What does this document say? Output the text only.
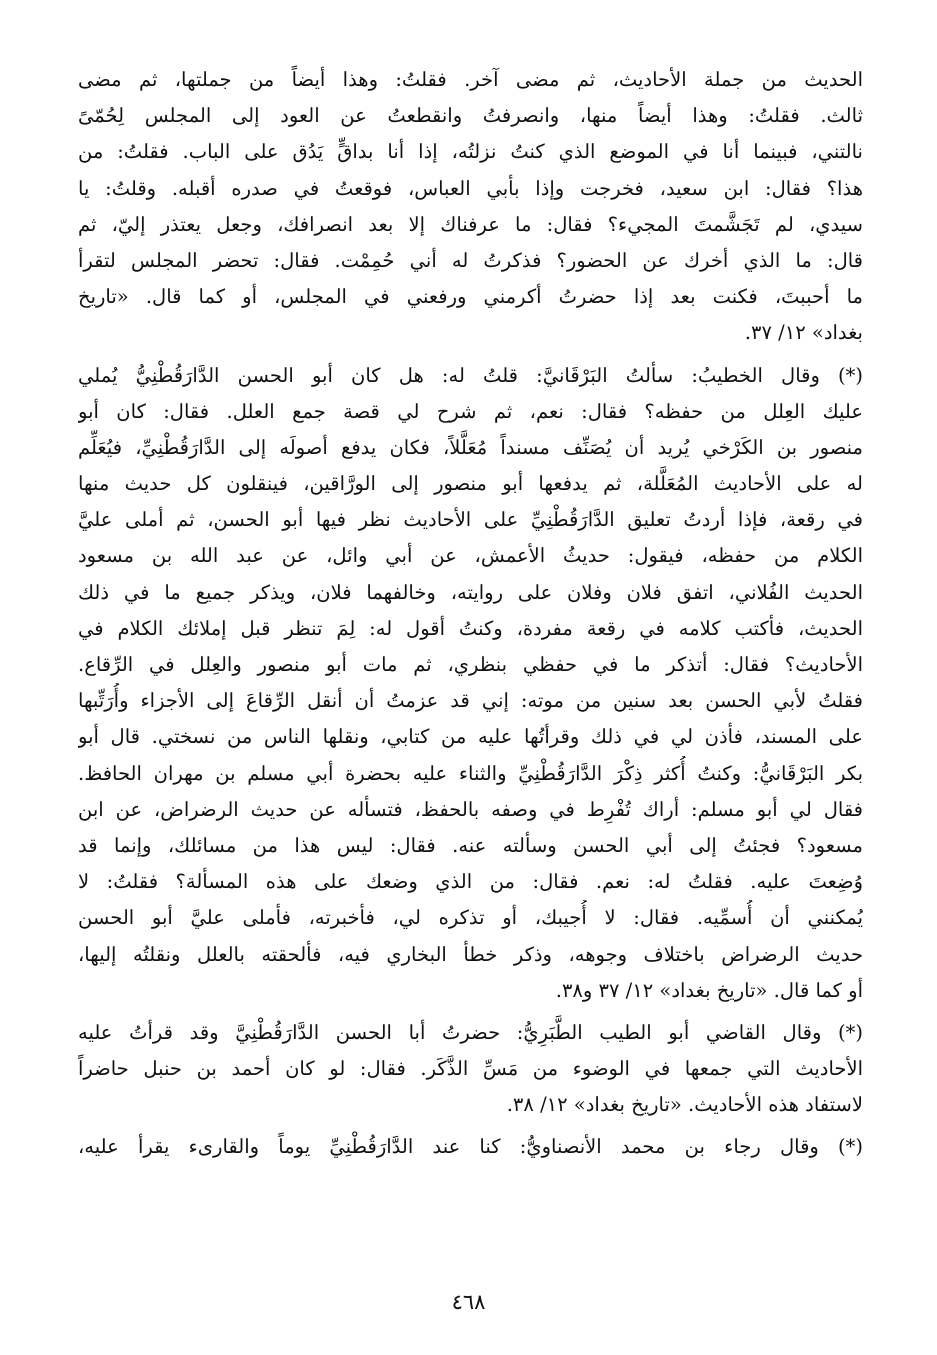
الحديث من جملة الأحاديث، ثم مضى آخر. فقلتُ: وهذا أيضاً من جملتها، ثم مضى
ثالث. فقلتُ: وهذا أيضاً منها، وانصرفتُ وانقطعتُ عن العود إلى المجلس لِحُمّىً
نالتني، فبينما أنا في الموضع الذي كنتُ نزلتُه، إذا أنا بداقٍّ يَدُق على الباب. فقلتُ: من
هذا؟ فقال: ابن سعيد، فخرجت وإذا بأبي العباس، فوقعتُ في صدره أقبله. وقلتُ: يا
سيدي، لم تَجَشَّمتَ المجيء؟ فقال: ما عرفناك إلا بعد انصرافك، وجعل يعتذر إليّ، ثم
قال: ما الذي أخرك عن الحضور؟ فذكرتُ له أني حُمِمْت. فقال: تحضر المجلس لتقرأ
ما أحببتَ، فكنت بعد إذا حضرتُ أكرمني ورفعني في المجلس، أو كما قال. «تاريخ
بغداد» ١٢/ ٣٧.
(*) وقال الخطيبُ: سألتُ البَرْقَانيَّ: قلتُ له: هل كان أبو الحسن الدَّارَقُطْنِيُّ يُملي
عليك العِلل من حفظه؟ فقال: نعم، ثم شرح لي قصة جمع العلل. فقال: كان أبو
منصور بن الكَرْخي يُريد أن يُصَنِّف مسنداً مُعَلَّلاً، فكان يدفع أصولَه إلى الدَّارَقُطْنِيِّ، فيُعَلِّم
له على الأحاديث المُعَلَّلة، ثم يدفعها أبو منصور إلى الورَّاقين، فينقلون كل حديث منها
في رقعة، فإذا أردتُ تعليق الدَّارَقُطْنِيِّ على الأحاديث نظر فيها أبو الحسن، ثم أملى عليَّ
الكلام من حفظه، فيقول: حديثُ الأعمش، عن أبي وائل، عن عبد الله بن مسعود
الحديث الفُلاني، اتفق فلان وفلان على روايته، وخالفهما فلان، ويذكر جميع ما في ذلك
الحديث، فأكتب كلامه في رقعة مفردة، وكنتُ أقول له: لِمَ تنظر قبل إملائك الكلام في
الأحاديث؟ فقال: أتذكر ما في حفظي بنظري، ثم مات أبو منصور والعِلل في الرِّقاع.
فقلتُ لأبي الحسن بعد سنين من موته: إني قد عزمتُ أن أنقل الرِّقاعَ إلى الأجزاء وأُرَتِّبها
على المسند، فأذن لي في ذلك وقرأتُها عليه من كتابي، ونقلها الناس من نسختي. قال أبو
بكر البَرْقَانيُّ: وكنتُ أُكثر ذِكْرَ الدَّارَقُطْنِيِّ والثناء عليه بحضرة أبي مسلم بن مهران الحافظ.
فقال لي أبو مسلم: أراك تُفْرِط في وصفه بالحفظ، فتسأله عن حديث الرضراض، عن ابن
مسعود؟ فجئتُ إلى أبي الحسن وسألته عنه. فقال: ليس هذا من مسائلك، وإنما قد
وُضِعتَ عليه. فقلتُ له: نعم. فقال: من الذي وضعك على هذه المسألة؟ فقلتُ: لا
يُمكنني أن أُسمِّيه. فقال: لا أُجيبك، أو تذكره لي، فأخبرته، فأملى عليَّ أبو الحسن
حديث الرضراض باختلاف وجوهه، وذكر خطأ البخاري فيه، فألحقته بالعلل ونقلتُه إليها،
أو كما قال. «تاريخ بغداد» ١٢/ ٣٧ و٣٨.
(*) وقال القاضي أبو الطيب الطَّبَرِيُّ: حضرتُ أبا الحسن الدَّارَقُطْنِيَّ وقد قرأتُ عليه
الأحاديث التي جمعها في الوضوء من مَسِّ الذَّكَر. فقال: لو كان أحمد بن حنبل حاضراً
لاستفاد هذه الأحاديث. «تاريخ بغداد» ١٢/ ٣٨.
(*) وقال رجاء بن محمد الأنصناويُّ: كنا عند الدَّارَقُطْنِيِّ يوماً والقارىء يقرأ عليه،
٤٦٨
